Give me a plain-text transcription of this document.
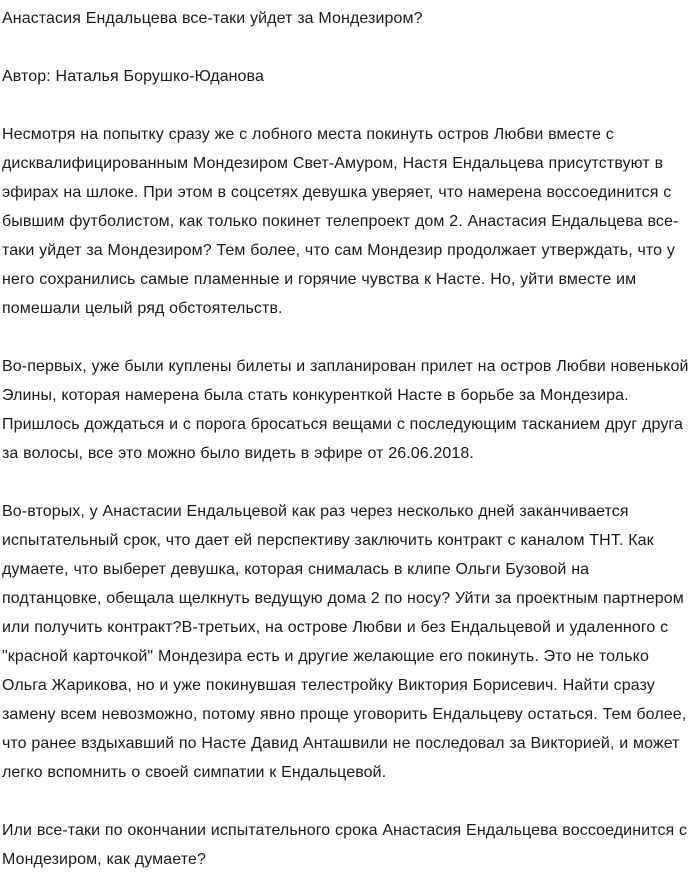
Анастасия Ендальцева все-таки уйдет за Мондезиром?
Автор: Наталья Борушко-Юданова

Несмотря на попытку сразу же с лобного места покинуть остров Любви вместе с дисквалифицированным Мондезиром Свет-Амуром, Настя Ендальцева присутствуют в эфирах на шлоке. При этом в соцсетях девушка уверяет, что намерена воссоединится с бывшим футболистом, как только покинет телепроект дом 2. Анастасия Ендальцева все-таки уйдет за Мондезиром? Тем более, что сам Мондезир продолжает утверждать, что у него сохранились самые пламенные и горячие чувства к Насте. Но, уйти вместе им помешали целый ряд обстоятельств.

Во-первых, уже были куплены билеты и запланирован прилет на остров Любви новенькой Элины, которая намерена была стать конкуренткой Насте в борьбе за Мондезира. Пришлось дождаться и с порога бросаться вещами с последующим тасканием друг друга за волосы, все это можно было видеть в эфире от 26.06.2018.

Во-вторых, у Анастасии Ендальцевой как раз через несколько дней заканчивается испытательный срок, что дает ей перспективу заключить контракт с каналом ТНТ. Как думаете, что выберет девушка, которая снималась в клипе Ольги Бузовой на подтанцовке, обещала щелкнуть ведущую дома 2 по носу? Уйти за проектным партнером или получить контракт?В-третьих, на острове Любви и без Ендальцевой и удаленного с "красной карточкой" Мондезира есть и другие желающие его покинуть. Это не только Ольга Жарикова, но и уже покинувшая телестройку Виктория Борисевич. Найти сразу замену всем невозможно, потому явно проще уговорить Ендальцеву остаться. Тем более, что ранее вздыхавший по Насте Давид Анташвили не последовал за Викторией, и может легко вспомнить о своей симпатии к Ендальцевой.

Или все-таки по окончании испытательного срока Анастасия Ендальцева воссоединится с Мондезиром, как думаете?
